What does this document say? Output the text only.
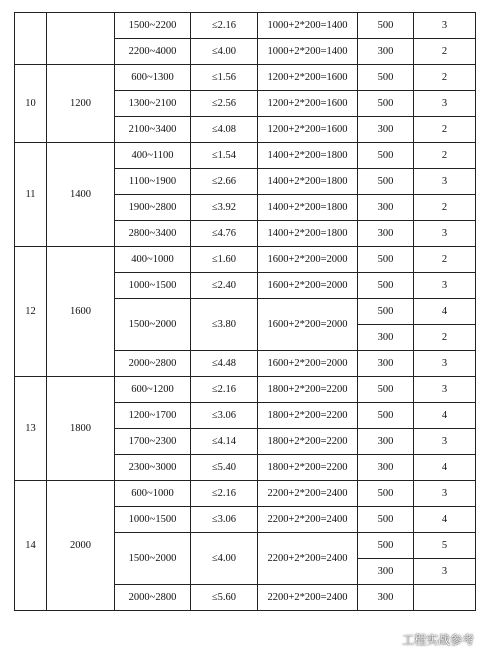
		1500~2200	≤2.16	1000+2*200=1400	500	3
		2200~4000	≤4.00	1000+2*200=1400	300	2
10	1200	600~1300	≤1.56	1200+2*200=1600	500	2
		1300~2100	≤2.56	1200+2*200=1600	500	3
		2100~3400	≤4.08	1200+2*200=1600	300	2
11	1400	400~1100	≤1.54	1400+2*200=1800	500	2
		1100~1900	≤2.66	1400+2*200=1800	500	3
		1900~2800	≤3.92	1400+2*200=1800	300	2
		2800~3400	≤4.76	1400+2*200=1800	300	3
12	1600	400~1000	≤1.60	1600+2*200=2000	500	2
		1000~1500	≤2.40	1600+2*200=2000	500	3
		1500~2000	≤3.80	1600+2*200=2000	500	4
					300	2
		2000~2800	≤4.48	1600+2*200=2000	300	3
13	1800	600~1200	≤2.16	1800+2*200=2200	500	3
		1200~1700	≤3.06	1800+2*200=2200	500	4
		1700~2300	≤4.14	1800+2*200=2200	300	3
		2300~3000	≤5.40	1800+2*200=2200	300	4
14	2000	600~1000	≤2.16	2200+2*200=2400	500	3
		1000~1500	≤3.06	2200+2*200=2400	500	4
		1500~2000	≤4.00	2200+2*200=2400	500	5
					300	3
		2000~2800	≤5.60	2200+2*200=2400	300	
工程实战参考
